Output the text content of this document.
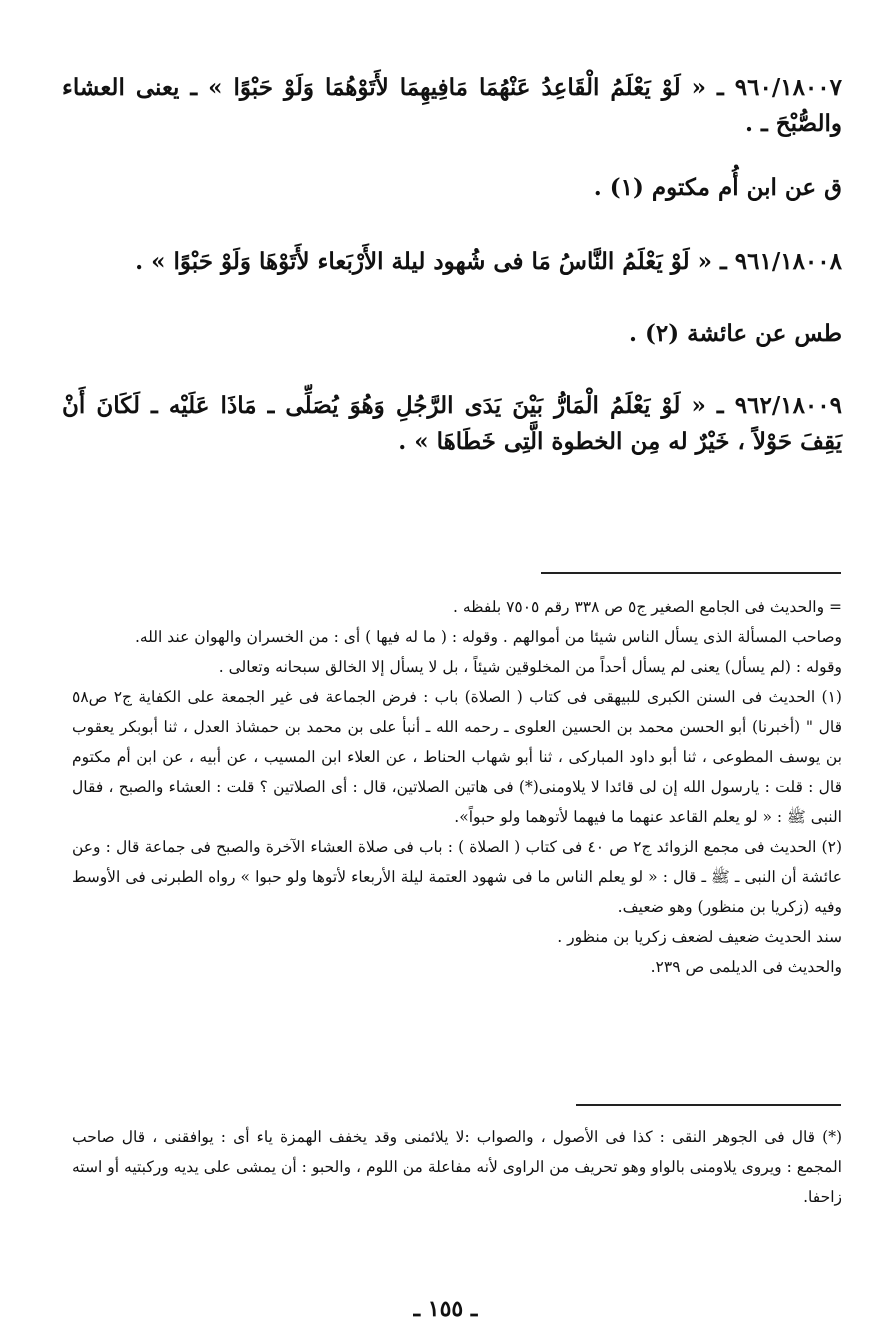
٩٦٠/١٨٠٠٧ ـ « لَوْ يَعْلَمُ الْقَاعِدُ عَنْهُمَا مَافِيهِمَا لأَتَوْهُمَا وَلَوْ حَبْوًا » ـ يعنى العشاء والصُّبْحَ ـ .

ق عن ابن أُم مكتوم (١) .

٩٦١/١٨٠٠٨ ـ « لَوْ يَعْلَمُ النَّاسُ مَا فى شُهود ليلة الأَرْبَعاء لأَتَوْهَا وَلَوْ حَبْوًا » .

طس عن عائشة (٢) .

٩٦٢/١٨٠٠٩ ـ « لَوْ يَعْلَمُ الْمَارُّ بَيْنَ يَدَى الرَّجُلِ وَهُوَ يُصَلِّى ـ مَاذَا عَلَيْه ـ لَكَانَ أَنْ يَقِفَ حَوْلاً ، خَيْرٌ له مِن الخطوة الَّتِى خَطَاهَا » .

= والحديث فى الجامع الصغير ج٥ ص ٣٣٨ رقم ٧٥٠٥ بلفظه .

وصاحب المسألة الذى يسأل الناس شيئا من أموالهم . وقوله : ( ما له فيها ) أى : من الخسران والهوان عند الله.

وقوله : (لم يسأل) يعنى لم يسأل أحداً من المخلوقين شيئاً ، بل لا يسأل إلا الخالق سبحانه وتعالى .

(١) الحديث فى السنن الكبرى للبيهقى فى كتاب ( الصلاة) باب : فرض الجماعة فى غير الجمعة على الكفاية ج٢ ص٥٨ قال " (أخبرنا) أبو الحسن محمد بن الحسين العلوى ـ رحمه الله ـ أنبأ على بن محمد بن حمشاذ العدل ، ثنا أبوبكر يعقوب بن يوسف المطوعى ، ثنا أبو داود المباركى ، ثنا أبو شهاب الحناط ، عن العلاء ابن المسيب ، عن أبيه ، عن ابن أم مكتوم قال : قلت : يارسول الله إن لى قائدا لا يلاومنى(*) فى هاتين الصلاتين، قال : أى الصلاتين ؟ قلت : العشاء والصبح ، فقال النبى ﷺ : « لو يعلم القاعد عنهما ما فيهما لأتوهما ولو حبواً».

(٢) الحديث فى مجمع الزوائد ج٢ ص ٤٠ فى كتاب ( الصلاة ) : باب فى صلاة العشاء الآخرة والصبح فى جماعة قال : وعن عائشة أن النبى ـ ﷺ ـ قال : « لو يعلم الناس ما فى شهود العتمة ليلة الأربعاء لأتوها ولو حبوا » رواه الطبرنى فى الأوسط وفيه (زكريا بن منظور) وهو ضعيف.

سند الحديث ضعيف لضعف زكريا بن منظور .

والحديث فى الديلمى ص ٢٣٩.

(*) قال فى الجوهر النقى : كذا فى الأصول ، والصواب :لا يلائمنى وقد يخفف الهمزة ياء أى : يوافقنى ، قال صاحب المجمع : ويروى يلاومنى بالواو وهو تحريف من الراوى لأنه مفاعلة من اللوم ، والحبو : أن يمشى على يديه وركبتيه أو استه زاحفا.

ـ ١٥٥ ـ
